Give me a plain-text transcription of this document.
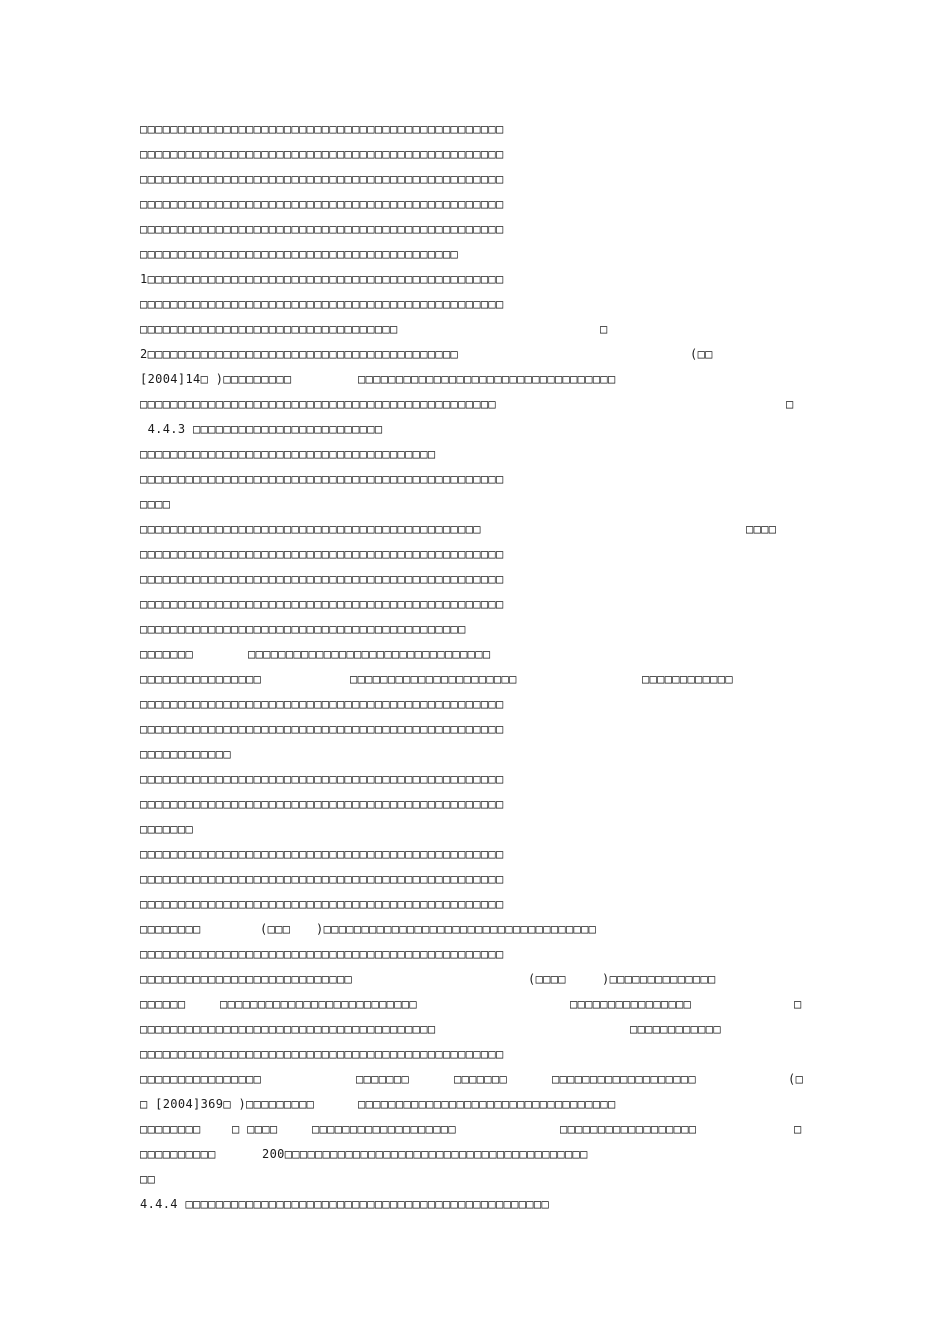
□□□□□□□□□□□□□□□□□□□□□□□□□□□□□□□□□□□□□□□□□□□□□□□□
□□□□□□□□□□□□□□□□□□□□□□□□□□□□□□□□□□□□□□□□□□□□□□□□
□□□□□□□□□□□□□□□□□□□□□□□□□□□□□□□□□□□□□□□□□□□□□□□□
□□□□□□□□□□□□□□□□□□□□□□□□□□□□□□□□□□□□□□□□□□□□□□□□
□□□□□□□□□□□□□□□□□□□□□□□□□□□□□□□□□□□□□□□□□□□□□□□□
□□□□□□□□□□□□□□□□□□□□□□□□□□□□□□□□□□□□□□□□□□
1□□□□□□□□□□□□□□□□□□□□□□□□□□□□□□□□□□□□□□□□□□□□□□□
□□□□□□□□□□□□□□□□□□□□□□□□□□□□□□□□□□□□□□□□□□□□□□□□
□□□□□□□□□□□□□□□□□□□□□□□□□□□□□□□□□□	□
2□□□□□□□□□□□□□□□□□□□□□□□□□□□□□□□□□□□□□□□□□	(□□
[2004]14□ )□□□□□□□□□	□□□□□□□□□□□□□□□□□□□□□□□□□□□□□□□□□□
□□□□□□□□□□□□□□□□□□□□□□□□□□□□□□□□□□□□□□□□□□□□□□□	□
4.4.3 □□□□□□□□□□□□□□□□□□□□□□□□□
□□□□□□□□□□□□□□□□□□□□□□□□□□□□□□□□□□□□□□□
□□□□□□□□□□□□□□□□□□□□□□□□□□□□□□□□□□□□□□□□□□□□□□□□
□□□□
□□□□□□□□□□□□□□□□□□□□□□□□□□□□□□□□□□□□□□□□□□□□□	□□□□
□□□□□□□□□□□□□□□□□□□□□□□□□□□□□□□□□□□□□□□□□□□□□□□□
□□□□□□□□□□□□□□□□□□□□□□□□□□□□□□□□□□□□□□□□□□□□□□□□
□□□□□□□□□□□□□□□□□□□□□□□□□□□□□□□□□□□□□□□□□□□□□□□□
□□□□□□□□□□□□□□□□□□□□□□□□□□□□□□□□□□□□□□□□□□□
□□□□□□□	□□□□□□□□□□□□□□□□□□□□□□□□□□□□□□□□
□□□□□□□□□□□□□□□□	□□□□□□□□□□□□□□□□□□□□□□	□□□□□□□□□□□□
□□□□□□□□□□□□□□□□□□□□□□□□□□□□□□□□□□□□□□□□□□□□□□□□
□□□□□□□□□□□□□□□□□□□□□□□□□□□□□□□□□□□□□□□□□□□□□□□□
□□□□□□□□□□□□
□□□□□□□□□□□□□□□□□□□□□□□□□□□□□□□□□□□□□□□□□□□□□□□□
□□□□□□□□□□□□□□□□□□□□□□□□□□□□□□□□□□□□□□□□□□□□□□□□
□□□□□□□
□□□□□□□□□□□□□□□□□□□□□□□□□□□□□□□□□□□□□□□□□□□□□□□□
□□□□□□□□□□□□□□□□□□□□□□□□□□□□□□□□□□□□□□□□□□□□□□□□
□□□□□□□□□□□□□□□□□□□□□□□□□□□□□□□□□□□□□□□□□□□□□□□□
□□□□□□□□	(□□□ )□□□□□□□□□□□□□□□□□□□□□□□□□□□□□□□□□□□□
□□□□□□□□□□□□□□□□□□□□□□□□□□□□□□□□□□□□□□□□□□□□□□□□
□□□□□□□□□□□□□□□□□□□□□□□□□□□□	(□□□□	)□□□□□□□□□□□□□□
□□□□□□	□□□□□□□□□□□□□□□□□□□□□□□□□□	□□□□□□□□□□□□□□□□	□
□□□□□□□□□□□□□□□□□□□□□□□□□□□□□□□□□□□□□□□	□□□□□□□□□□□□
□□□□□□□□□□□□□□□□□□□□□□□□□□□□□□□□□□□□□□□□□□□□□□□□
□□□□□□□□□□□□□□□□	□□□□□□□	□□□□□□□	□□□□□□□□□□□□□□□□□□□	(□
□ [2004]369□ )□□□□□□□□□	□□□□□□□□□□□□□□□□□□□□□□□□□□□□□□□□□□
□□□□□□□□	□ □□□□	□□□□□□□□□□□□□□□□□□□	□□□□□□□□□□□□□□□□□□	□
□□□□□□□□□□	200□□□□□□□□□□□□□□□□□□□□□□□□□□□□□□□□□□□□□□□□
□□
4.4.4 □□□□□□□□□□□□□□□□□□□□□□□□□□□□□□□□□□□□□□□□□□□□□□□□
